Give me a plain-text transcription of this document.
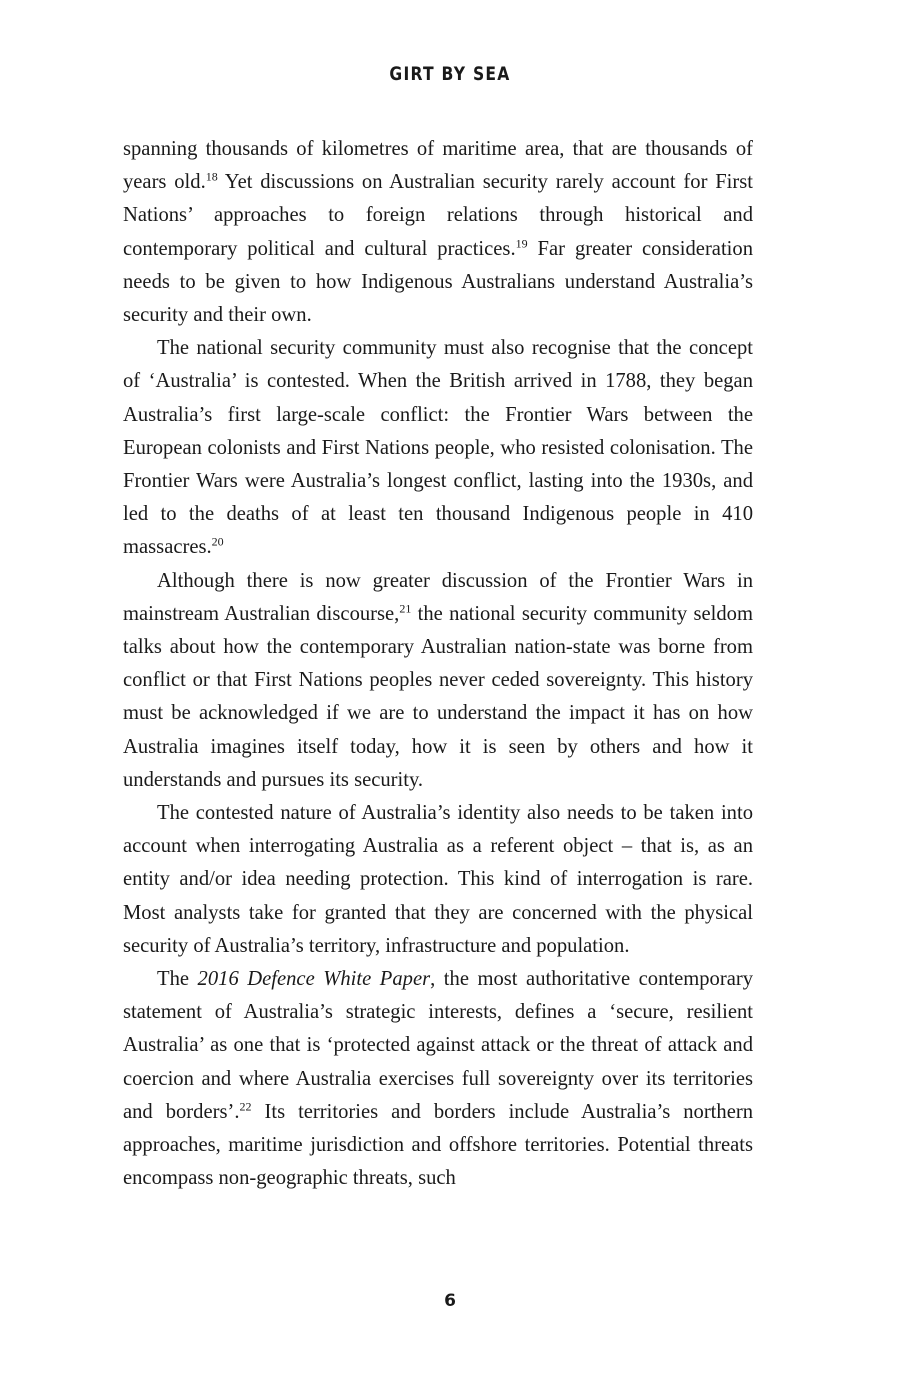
GIRT BY SEA

spanning thousands of kilometres of maritime area, that are thousands of years old.$^{18}$ Yet discussions on Australian security rarely account for First Nations’ approaches to foreign relations through historical and contemporary political and cultural practices.$^{19}$ Far greater consideration needs to be given to how Indigenous Australians understand Australia’s security and their own.

The national security community must also recognise that the concept of ‘Australia’ is contested. When the British arrived in 1788, they began Australia’s first large-scale conflict: the Frontier Wars between the European colonists and First Nations people, who resisted colonisation. The Frontier Wars were Australia’s longest conflict, lasting into the 1930s, and led to the deaths of at least ten thousand Indigenous people in 410 massacres.$^{20}$

Although there is now greater discussion of the Frontier Wars in mainstream Australian discourse,$^{21}$ the national security community seldom talks about how the contemporary Australian nation-state was borne from conflict or that First Nations peoples never ceded sovereignty. This history must be acknowledged if we are to understand the impact it has on how Australia imagines itself today, how it is seen by others and how it understands and pursues its security.

The contested nature of Australia’s identity also needs to be taken into account when interrogating Australia as a referent object – that is, as an entity and/or idea needing protection. This kind of interrogation is rare. Most analysts take for granted that they are concerned with the physical security of Australia’s territory, infrastructure and population.

The 2016 Defence White Paper, the most authoritative contemporary statement of Australia’s strategic interests, defines a ‘secure, resilient Australia’ as one that is ‘protected against attack or the threat of attack and coercion and where Australia exercises full sovereignty over its territories and borders’.$^{22}$ Its territories and borders include Australia’s northern approaches, maritime jurisdiction and offshore territories. Potential threats encompass non-geographic threats, such

6
